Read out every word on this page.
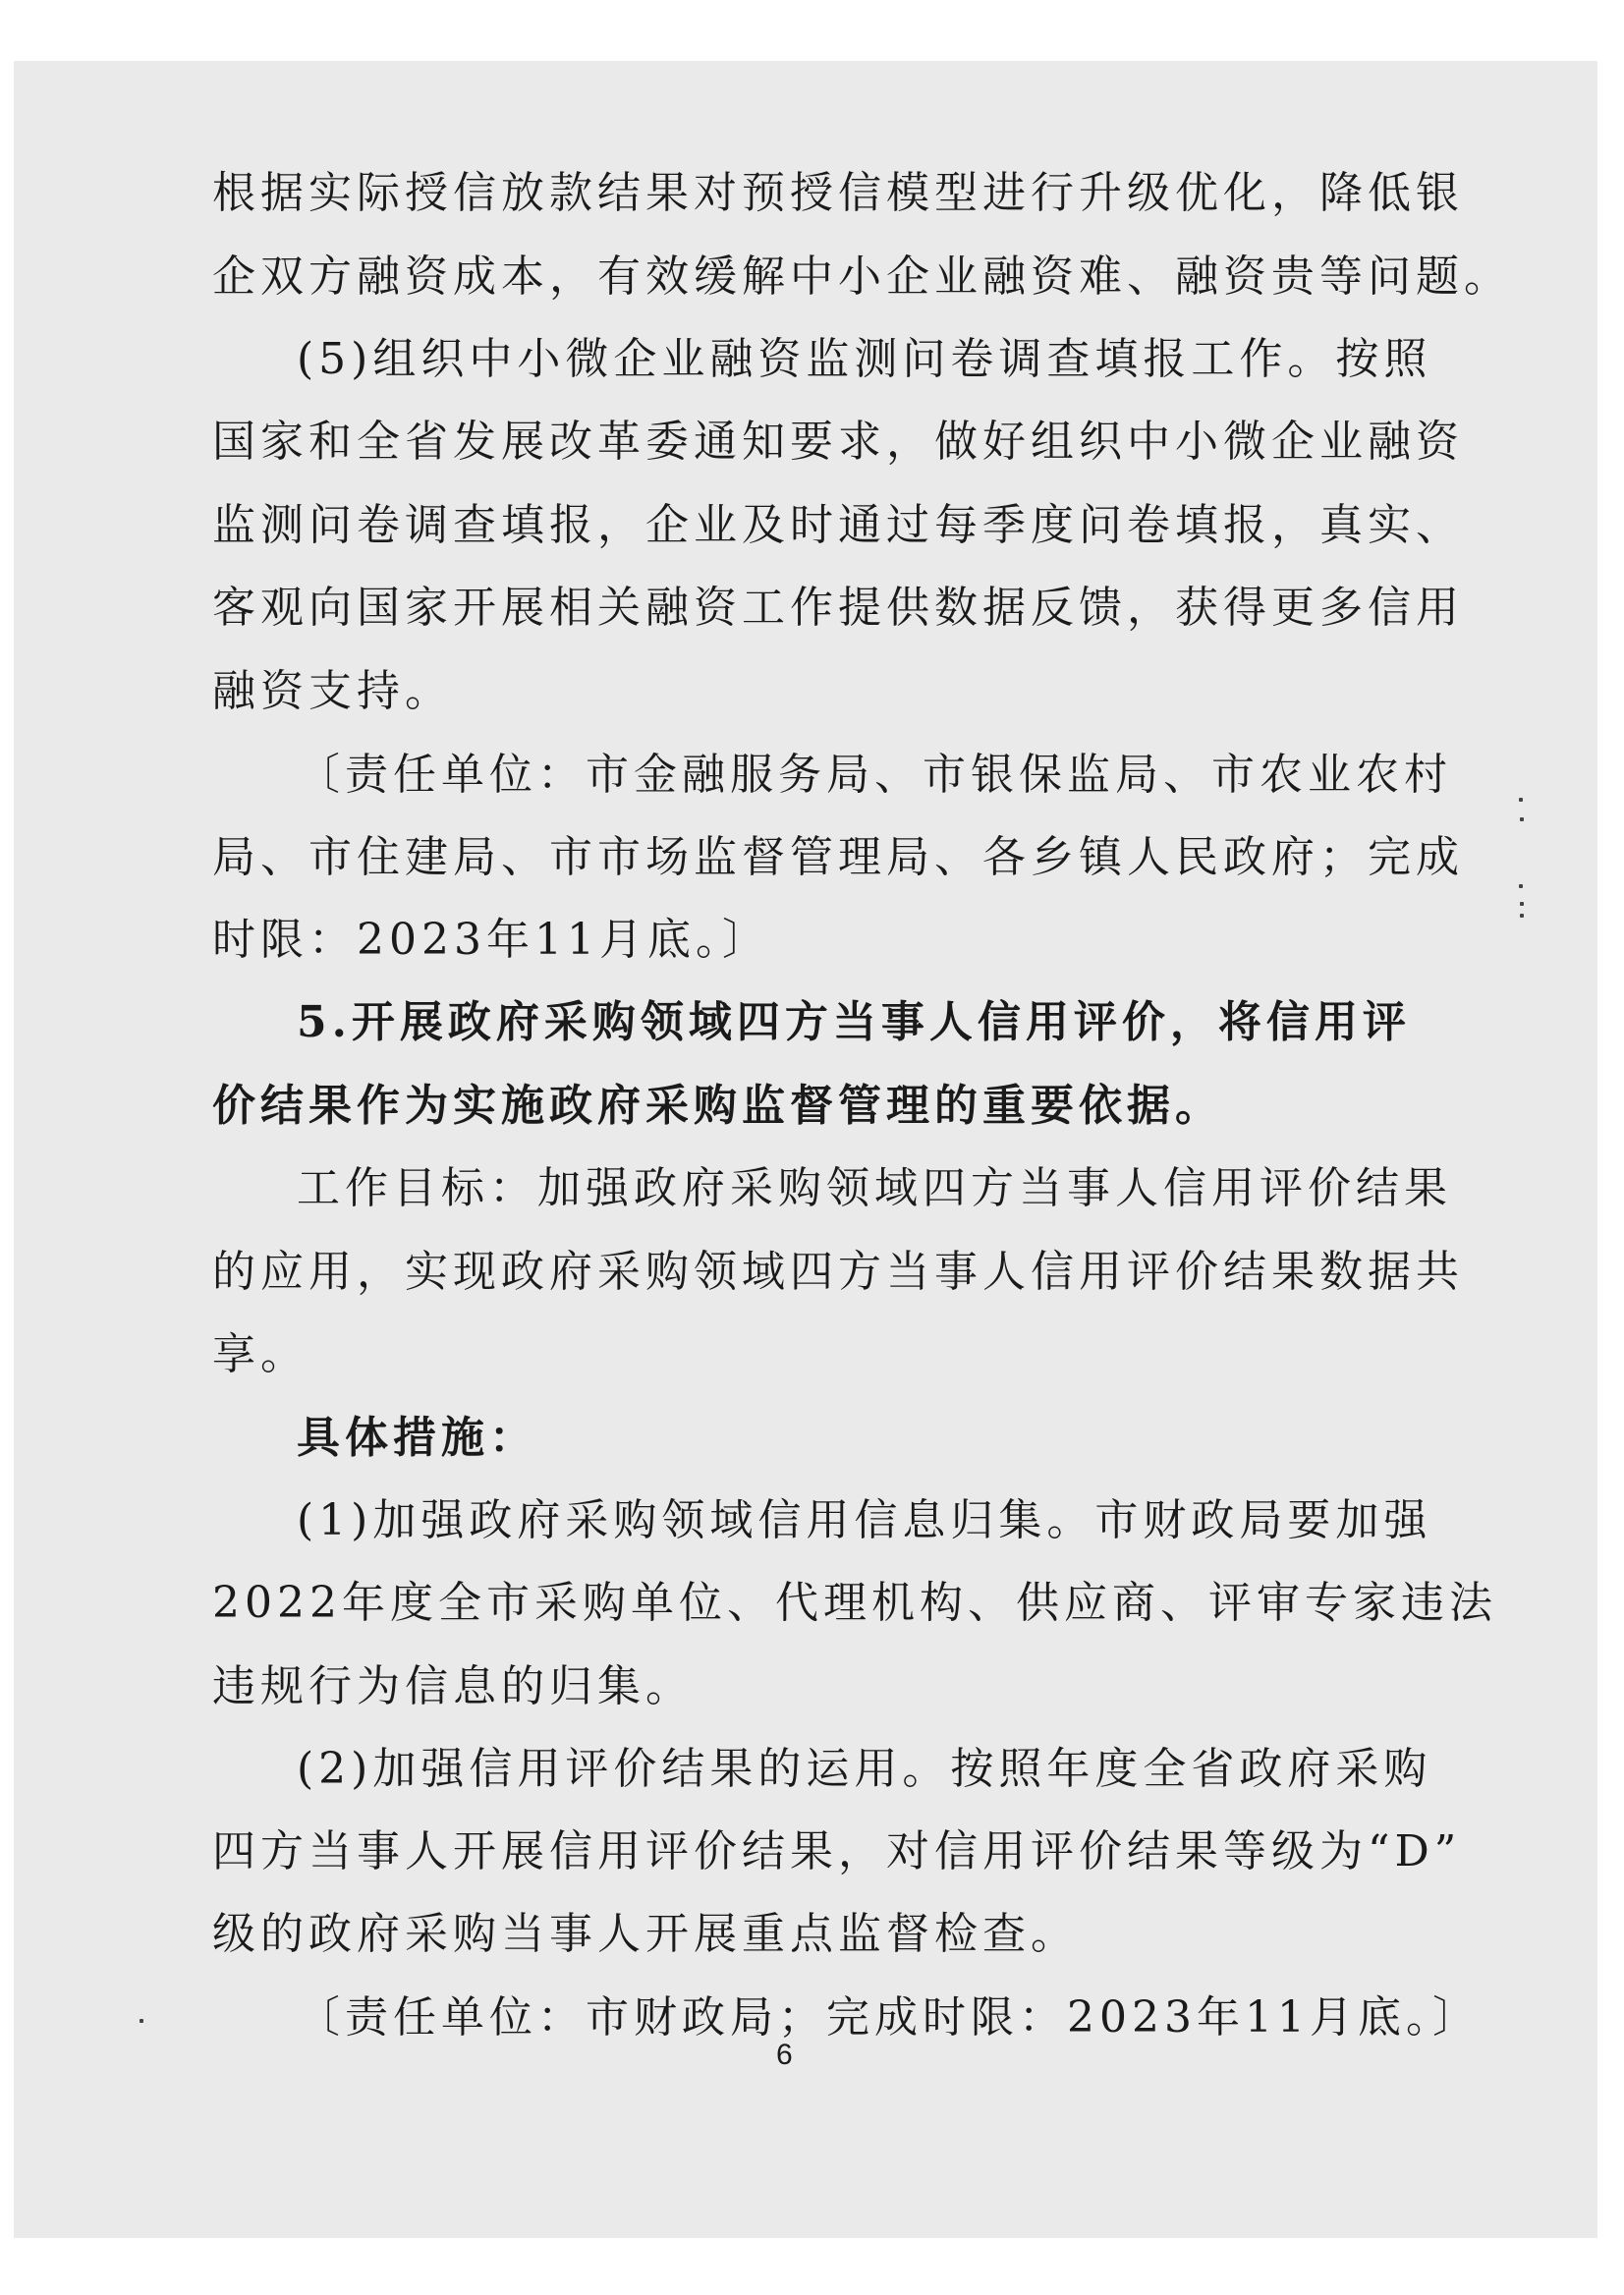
根据实际授信放款结果对预授信模型进行升级优化，降低银
企双方融资成本，有效缓解中小企业融资难、融资贵等问题。
(5)组织中小微企业融资监测问卷调查填报工作。按照
国家和全省发展改革委通知要求，做好组织中小微企业融资
监测问卷调查填报，企业及时通过每季度问卷填报，真实、
客观向国家开展相关融资工作提供数据反馈，获得更多信用
融资支持。
〔责任单位：市金融服务局、市银保监局、市农业农村
局、市住建局、市市场监督管理局、各乡镇人民政府；完成
时限：2023年11月底。〕
5.开展政府采购领域四方当事人信用评价，将信用评
价结果作为实施政府采购监督管理的重要依据。
工作目标：加强政府采购领域四方当事人信用评价结果
的应用，实现政府采购领域四方当事人信用评价结果数据共
享。
具体措施：
(1)加强政府采购领域信用信息归集。市财政局要加强
2022年度全市采购单位、代理机构、供应商、评审专家违法
违规行为信息的归集。
(2)加强信用评价结果的运用。按照年度全省政府采购
四方当事人开展信用评价结果，对信用评价结果等级为“D”
级的政府采购当事人开展重点监督检查。
〔责任单位：市财政局；完成时限：2023年11月底。〕
6
